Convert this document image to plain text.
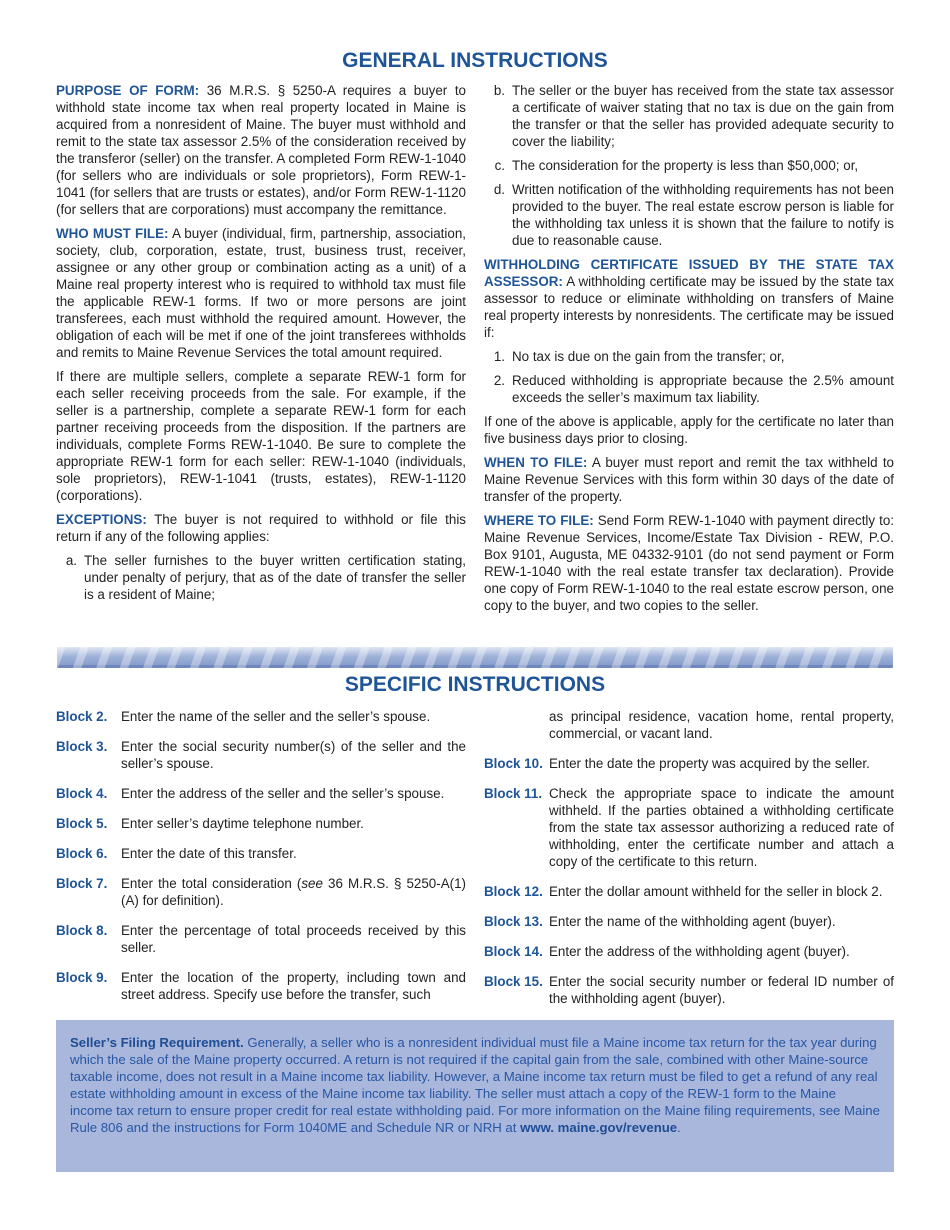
GENERAL INSTRUCTIONS

PURPOSE OF FORM: 36 M.R.S. § 5250-A requires a buyer to withhold state income tax when real property located in Maine is acquired from a nonresident of Maine. The buyer must withhold and remit to the state tax assessor 2.5% of the consideration received by the transferor (seller) on the transfer. A completed Form REW-1-1040 (for sellers who are individuals or sole proprietors), Form REW-1-1041 (for sellers that are trusts or estates), and/or Form REW-1-1120 (for sellers that are corporations) must accompany the remittance.

WHO MUST FILE: A buyer (individual, firm, partnership, association, society, club, corporation, estate, trust, business trust, receiver, assignee or any other group or combination acting as a unit) of a Maine real property interest who is required to withhold tax must file the applicable REW-1 forms. If two or more persons are joint transferees, each must withhold the required amount. However, the obligation of each will be met if one of the joint transferees withholds and remits to Maine Revenue Services the total amount required.

If there are multiple sellers, complete a separate REW-1 form for each seller receiving proceeds from the sale. For example, if the seller is a partnership, complete a separate REW-1 form for each partner receiving proceeds from the disposition. If the partners are individuals, complete Forms REW-1-1040. Be sure to complete the appropriate REW-1 form for each seller: REW-1-1040 (individuals, sole proprietors), REW-1-1041 (trusts, estates), REW-1-1120 (corporations).

EXCEPTIONS: The buyer is not required to withhold or file this return if any of the following applies:

a. The seller furnishes to the buyer written certification stating, under penalty of perjury, that as of the date of transfer the seller is a resident of Maine;
b. The seller or the buyer has received from the state tax assessor a certificate of waiver stating that no tax is due on the gain from the transfer or that the seller has provided adequate security to cover the liability;
c. The consideration for the property is less than $50,000; or,
d. Written notification of the withholding requirements has not been provided to the buyer. The real estate escrow person is liable for the withholding tax unless it is shown that the failure to notify is due to reasonable cause.

WITHHOLDING CERTIFICATE ISSUED BY THE STATE TAX ASSESSOR: A withholding certificate may be issued by the state tax assessor to reduce or eliminate withholding on transfers of Maine real property interests by nonresidents. The certificate may be issued if:

1. No tax is due on the gain from the transfer; or,
2. Reduced withholding is appropriate because the 2.5% amount exceeds the seller’s maximum tax liability.

If one of the above is applicable, apply for the certificate no later than five business days prior to closing.

WHEN TO FILE: A buyer must report and remit the tax withheld to Maine Revenue Services with this form within 30 days of the date of transfer of the property.

WHERE TO FILE: Send Form REW-1-1040 with payment directly to: Maine Revenue Services, Income/Estate Tax Division - REW, P.O. Box 9101, Augusta, ME 04332-9101 (do not send payment or Form REW-1-1040 with the real estate transfer tax declaration). Provide one copy of Form REW-1-1040 to the real estate escrow person, one copy to the buyer, and two copies to the seller.

SPECIFIC INSTRUCTIONS
Block 2.	Enter the name of the seller and the seller’s spouse.
Block 3.	Enter the social security number(s) of the seller and the seller’s spouse.
Block 4.	Enter the address of the seller and the seller’s spouse.
Block 5.	Enter seller’s daytime telephone number.
Block 6.	Enter the date of this transfer.
Block 7.	Enter the total consideration (see 36 M.R.S. § 5250-A(1)(A) for definition).
Block 8.	Enter the percentage of total proceeds received by this seller.
Block 9.	Enter the location of the property, including town and street address. Specify use before the transfer, such
as principal residence, vacation home, rental property, commercial, or vacant land.
Block 10. Enter the date the property was acquired by the seller.
Block 11. Check the appropriate space to indicate the amount withheld. If the parties obtained a withholding certificate from the state tax assessor authorizing a reduced rate of withholding, enter the certificate number and attach a copy of the certificate to this return.
Block 12. Enter the dollar amount withheld for the seller in block 2.
Block 13. Enter the name of the withholding agent (buyer).
Block 14. Enter the address of the withholding agent (buyer).
Block 15. Enter the social security number or federal ID number of the withholding agent (buyer).
Seller’s Filing Requirement. Generally, a seller who is a nonresident individual must file a Maine income tax return for the tax year during which the sale of the Maine property occurred. A return is not required if the capital gain from the sale, combined with other Maine-source taxable income, does not result in a Maine income tax liability. However, a Maine income tax return must be filed to get a refund of any real estate withholding amount in excess of the Maine income tax liability. The seller must attach a copy of the REW-1 form to the Maine income tax return to ensure proper credit for real estate withholding paid. For more information on the Maine filing requirements, see Maine Rule 806 and the instructions for Form 1040ME and Schedule NR or NRH at www. maine.gov/revenue.
